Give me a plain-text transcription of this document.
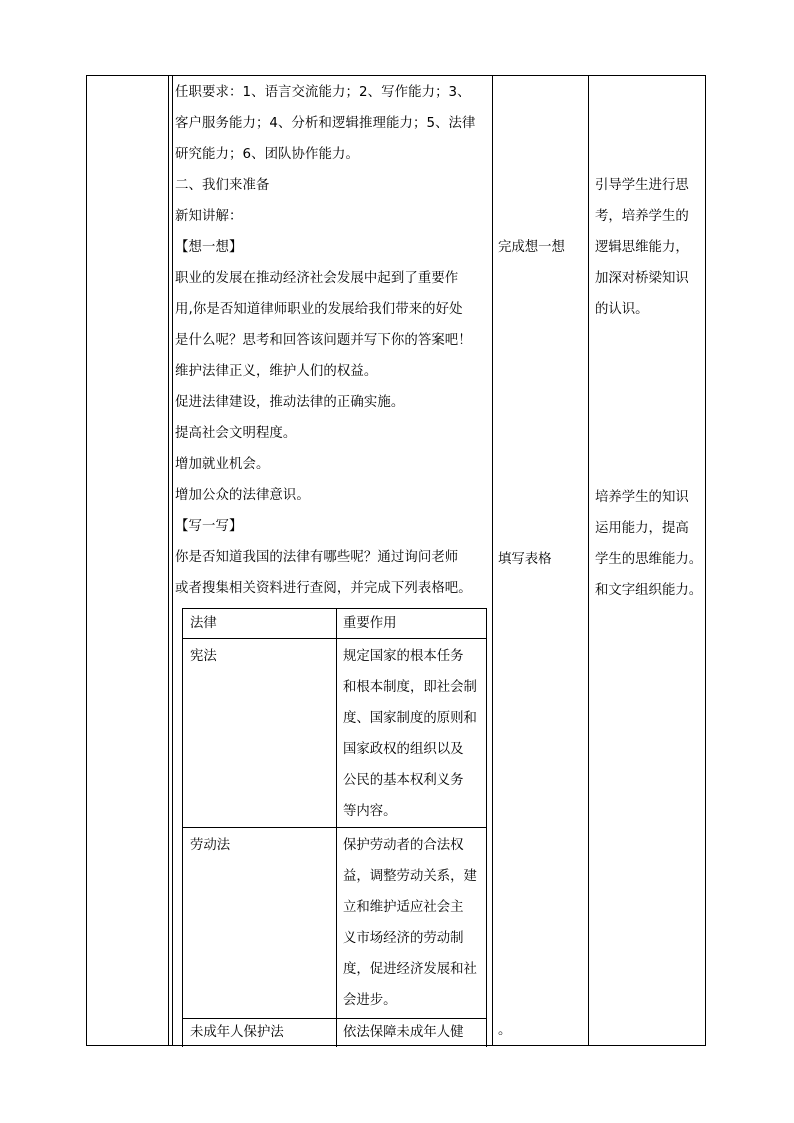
任职要求：1、语言交流能力；2、写作能力；3、
客户服务能力；4、分析和逻辑推理能力；5、法律
研究能力；6、团队协作能力。
二、我们来准备
新知讲解：
【想一想】
职业的发展在推动经济社会发展中起到了重要作
用,你是否知道律师职业的发展给我们带来的好处
是什么呢？思考和回答该问题并写下你的答案吧！
维护法律正义，维护人们的权益。
促进法律建设，推动法律的正确实施。
提高社会文明程度。
增加就业机会。
增加公众的法律意识。
【写一写】
你是否知道我国的法律有哪些呢？通过询问老师
或者搜集相关资料进行查阅，并完成下列表格吧。
法律	重要作用
宪法	规定国家的根本任务
和根本制度，即社会制
度、国家制度的原则和
国家政权的组织以及
公民的基本权利义务
等内容。
劳动法	保护劳动者的合法权
益，调整劳动关系，建
立和维护适应社会主
义市场经济的劳动制
度，促进经济发展和社
会进步。
未成年人保护法	依法保障未成年人健
完成想一想
填写表格
。
引导学生进行思
考，培养学生的
逻辑思维能力，
加深对桥梁知识
的认识。
培养学生的知识
运用能力，提高
学生的思维能力。
和文字组织能力。
